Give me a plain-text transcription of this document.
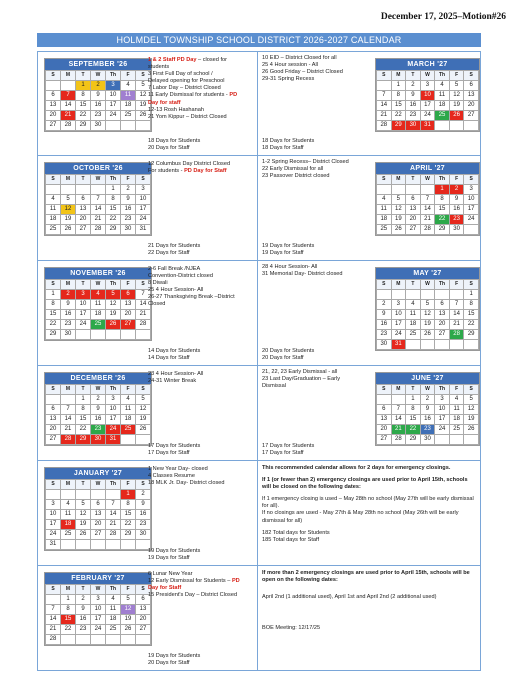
December 17, 2025–Motion#26
HOLMDEL TOWNSHIP SCHOOL DISTRICT 2026-2027 CALENDAR
SEPTEMBER '26
S	M	T	W	Th	F	S
		1	2	3	4	5
6	7	8	9	10	11	12
13	14	15	16	17	18	19
20	21	22	23	24	25	26
27	28	29	30			
1 & 2 Staff PD Day – closed for
students
3 First Full Day of school /
Delayed opening for Preschool
7 Labor Day – District Closed
11 Early Dismissal for students - PD
Day for staff
12-13 Rosh Hashanah
21 Yom Kippur – District Closed
18 Days for Students
20 Days for Staff
MARCH '27
S	M	T	W	Th	F	S
	1	2	3	4	5	6
7	8	9	10	11	12	13
14	15	16	17	18	19	20
21	22	23	24	25	26	27
28	29	30	31			
10 EID – District Closed for all
25 4 Hour session - All
26 Good Friday – District Closed
29-31 Spring Recess
18 Days for Students
18 Days for Staff
OCTOBER '26
S	M	T	W	Th	F	S
				1	2	3
4	5	6	7	8	9	10
11	12	13	14	15	16	17
18	19	20	21	22	23	24
25	26	27	28	29	30	31
12 Columbus Day District Closed
For students - PD Day for Staff
21 Days for Students
22 Days for Staff
APRIL '27
S	M	T	W	Th	F	S
				1	2	3
4	5	6	7	8	9	10
11	12	13	14	15	16	17
18	19	20	21	22	23	24
25	26	27	28	29	30	
1-2 Spring Recess– District Closed
22 Early Dismissal for all
23 Passover District closed
19 Days for Students
19 Days for Staff
NOVEMBER '26
S	M	T	W	Th	F	S
1	2	3	4	5	6	7
8	9	10	11	12	13	14
15	16	17	18	19	20	21
22	23	24	25	26	27	28
29	30					
2-6 Fall Break /NJEA
Convention-District closed
8 Diwali
25 4 Hour Session- All
26-27 Thanksgiving Break –District
Closed
14 Days for Students
14 Days for Staff
MAY '27
S	M	T	W	Th	F	S
						1
2	3	4	5	6	7	8
9	10	11	12	13	14	15
16	17	18	19	20	21	22
23	24	25	26	27	28	29
30	31					
28 4 Hour Session- All
31 Memorial Day- District closed
20 Days for Students
20 Days for Staff
DECEMBER '26
S	M	T	W	Th	F	S
		1	2	3	4	5
6	7	8	9	10	11	12
13	14	15	16	17	18	19
20	21	22	23	24	25	26
27	28	29	30	31		
23 4 Hour Session- All
24-31 Winter Break
17 Days for Students
17 Days for Staff
JUNE '27
S	M	T	W	Th	F	S
		1	2	3	4	5
6	7	8	9	10	11	12
13	14	15	16	17	18	19
20	21	22	23	24	25	26
27	28	29	30			
21, 22, 23 Early Dismissal - all
23 Last Day/Graduation – Early
Dismissal
17 Days for Students
17 Days for Staff
JANUARY '27
S	M	T	W	Th	F	S
					1	2
3	4	5	6	7	8	9
10	11	12	13	14	15	16
17	18	19	20	21	22	23
24	25	26	27	28	29	30
31						
1 New Year Day- closed
4 Classes Resume
18 MLK Jr. Day- District closed
19 Days for Students
19 Days for Staff
This recommended calendar allows for 2 days for emergency closings.
If 1 (or fewer than 2) emergency closings are used prior to April 15th, schools will be closed on the following dates:
If 1 emergency closing is used – May 28th no school (May 27th will be early dismissal for all).
If no closings are used - May 27th & May 28th no school (May 26th will be early dismissal for all)
182 Total days for Students
185 Total days for Staff
FEBRUARY '27
S	M	T	W	Th	F	S
	1	2	3	4	5	6
7	8	9	10	11	12	13
14	15	16	17	18	19	20
21	22	23	24	25	26	27
28						
6 Lunar New Year
12 Early Dismissal for Students – PD
Day for Staff
15 President's Day – District Closed
19 Days for Students
20 Days for Staff
If more than 2 emergency closings are used prior to April 15th, schools will be open on the following dates:
April 2nd (1 additional used), April 1st and April 2nd (2 additional used)
BOE Meeting: 12/17/25
